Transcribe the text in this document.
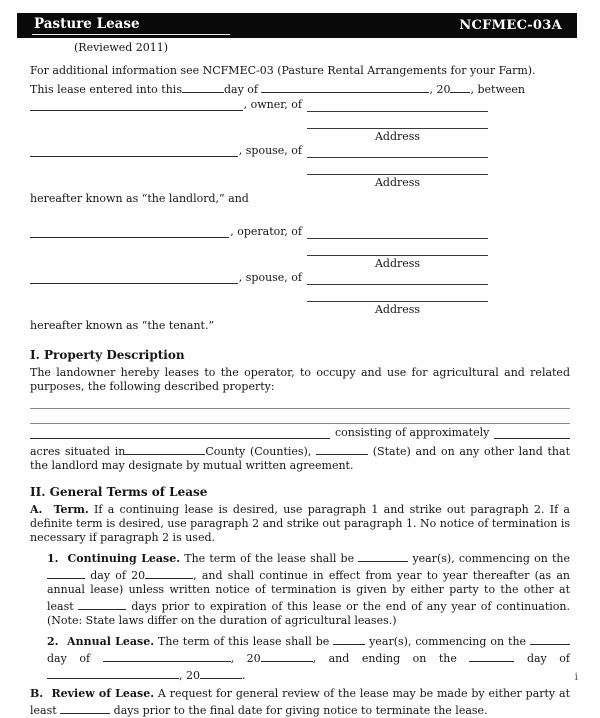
Pasture Lease	NCFMEC-03A
(Reviewed 2011)
For additional information see NCFMEC-03 (Pasture Rental Arrangements for your Farm).
This lease entered into this	day of	, 20 , between
, owner, of
Address
, spouse, of
Address
hereafter known as “the landlord,” and
, operator, of
Address
, spouse, of
Address
hereafter known as “the tenant.”
I. Property Description
The landowner hereby leases to the operator, to occupy and use for agricultural and related purposes, the following described property:
consisting of approximately
acres situated in	County (Counties),	(State) and on any other land that the landlord may designate by mutual written agreement.
II. General Terms of Lease
A.  Term. If a continuing lease is desired, use paragraph 1 and strike out paragraph 2. If a definite term is desired, use paragraph 2 and strike out paragraph 1. No notice of termination is necessary if paragraph 2 is used.
1.  Continuing Lease. The term of the lease shall be	year(s), commencing on the  day of 20	, and shall continue in effect from year to year thereafter (as an annual lease) unless written notice of termination is given by either party to the other at least	days prior to expiration of this lease or the end of any year of continuation. (Note: State laws differ on the duration of agricultural leases.)
2.  Annual Lease. The term of this lease shall be	year(s), commencing on the  day of	, 20	, and ending on the	day of , 20	.
B.  Review of Lease. A request for general review of the lease may be made by either party at least	days prior to the final date for giving notice to terminate the lease.
i
